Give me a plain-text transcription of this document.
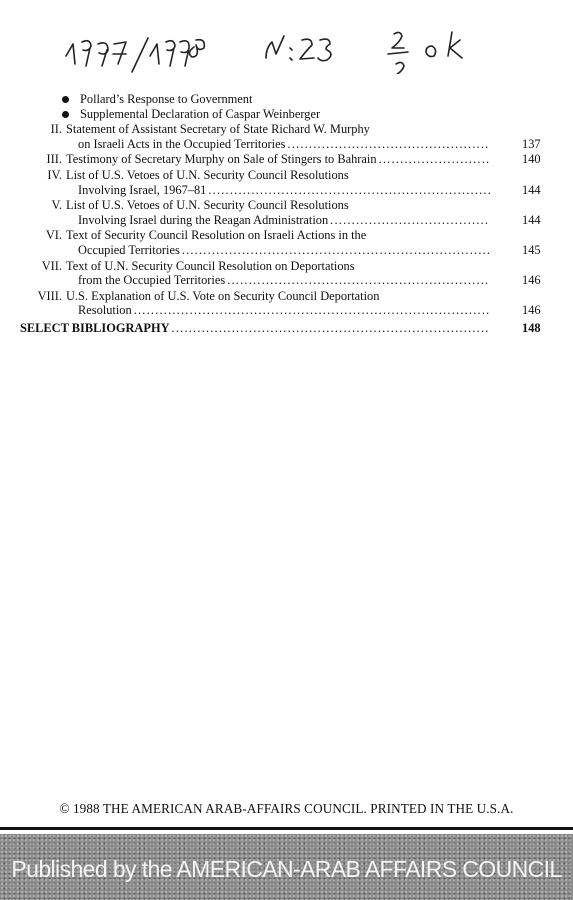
Pollard’s Response to Government
Supplemental Declaration of Caspar Weinberger
II. Statement of Assistant Secretary of State Richard W. Murphy
on Israeli Acts in the Occupied Territories .....	137
III. Testimony of Secretary Murphy on Sale of Stingers to Bahrain .....	140
IV. List of U.S. Vetoes of U.N. Security Council Resolutions
Involving Israel, 1967–81 .....	144
V. List of U.S. Vetoes of U.N. Security Council Resolutions
Involving Israel during the Reagan Administration .....	144
VI. Text of Security Council Resolution on Israeli Actions in the
Occupied Territories .....	145
VII. Text of U.N. Security Council Resolution on Deportations
from the Occupied Territories .....	146
VIII. U.S. Explanation of U.S. Vote on Security Council Deportation
Resolution .....	146
SELECT BIBLIOGRAPHY .....	148
© 1988 THE AMERICAN ARAB-AFFAIRS COUNCIL. PRINTED IN THE U.S.A.
Published by the AMERICAN-ARAB AFFAIRS COUNCIL
